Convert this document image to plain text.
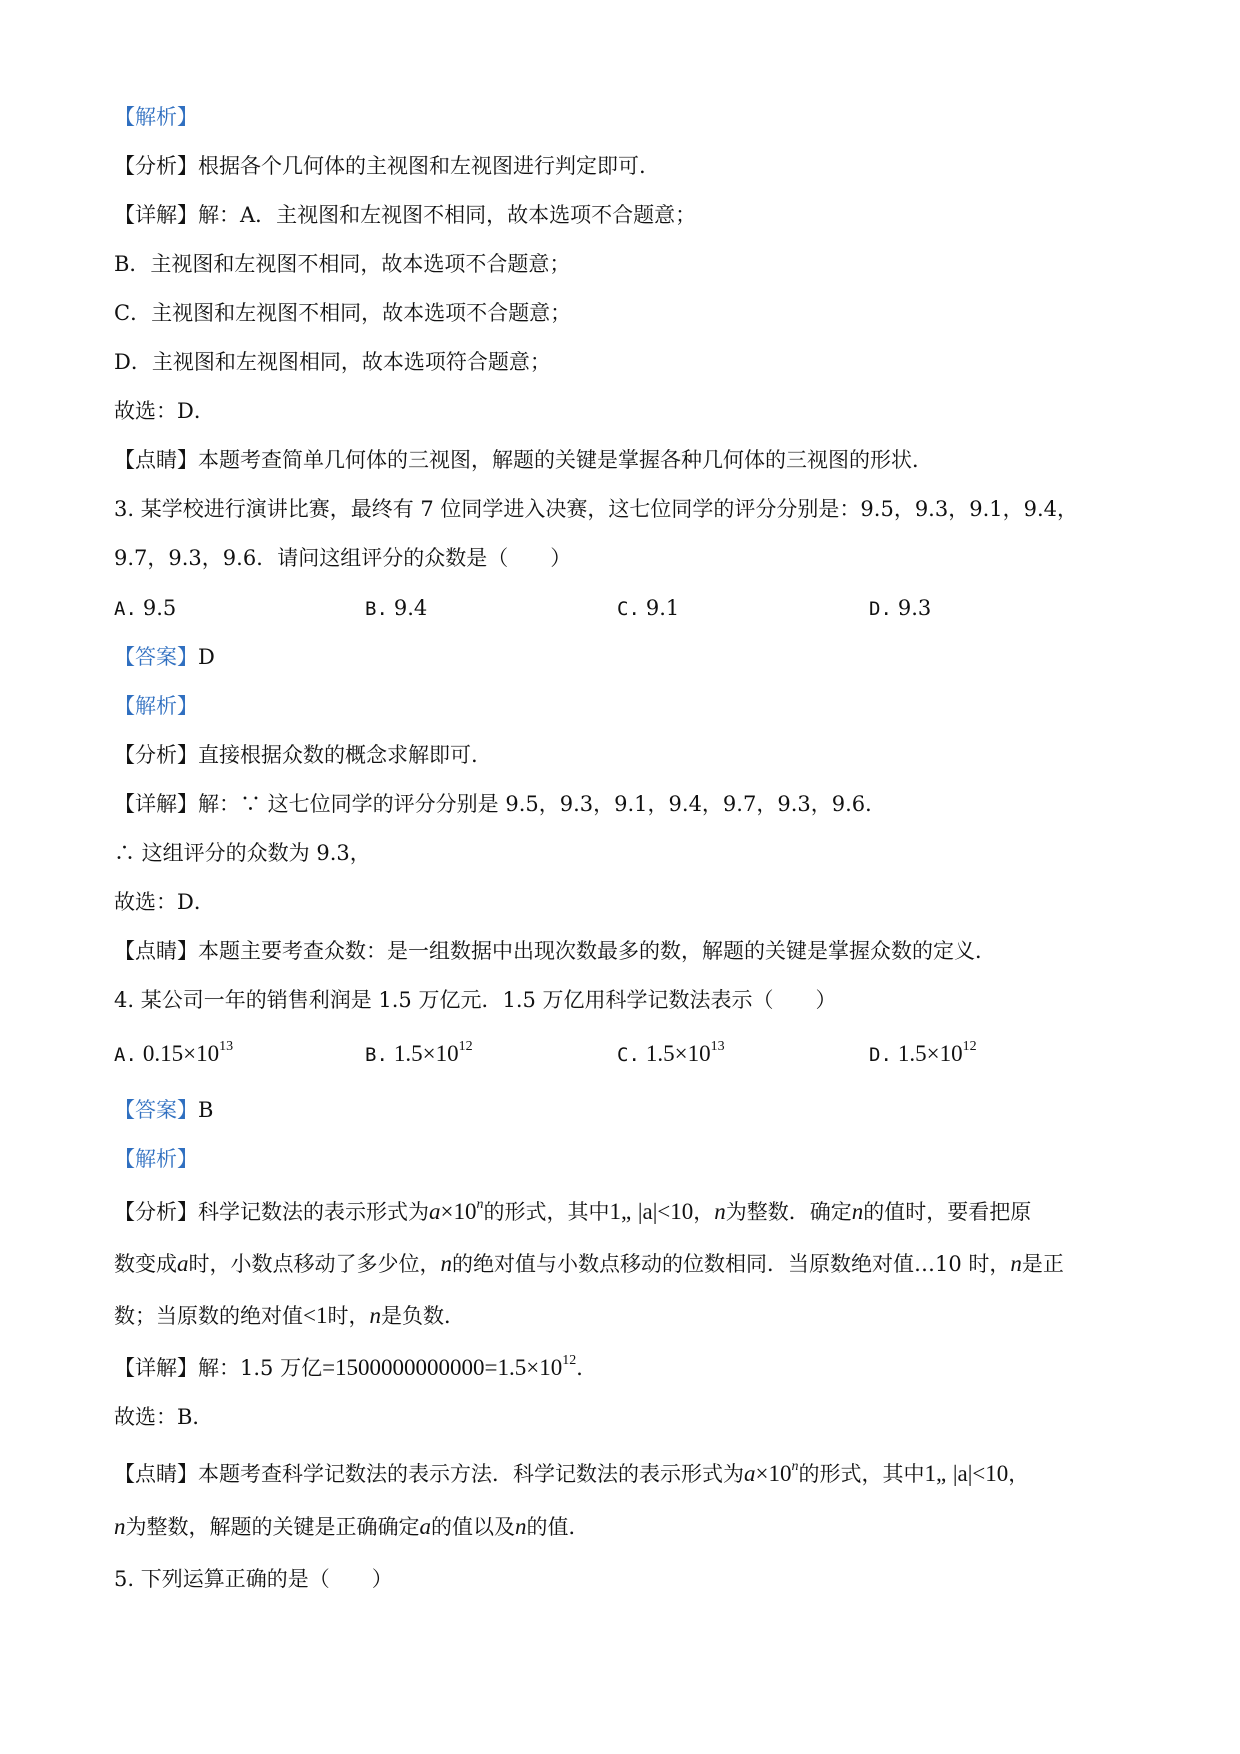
【解析】
【分析】根据各个几何体的主视图和左视图进行判定即可.
【详解】解：A．主视图和左视图不相同，故本选项不合题意；
B．主视图和左视图不相同，故本选项不合题意；
C．主视图和左视图不相同，故本选项不合题意；
D．主视图和左视图相同，故本选项符合题意；
故选：D．
【点睛】本题考查简单几何体的三视图，解题的关键是掌握各种几何体的三视图的形状．
3. 某学校进行演讲比赛，最终有 7 位同学进入决赛，这七位同学的评分分别是：9.5，9.3，9.1，9.4，
9.7，9.3，9.6．请问这组评分的众数是（　　）
A. 9.5	B. 9.4	C. 9.1	D. 9.3
【答案】D
【解析】
【分析】直接根据众数的概念求解即可.
【详解】解：∵ 这七位同学的评分分别是 9.5，9.3，9.1，9.4，9.7，9.3，9.6．
∴ 这组评分的众数为 9.3，
故选：D．
【点睛】本题主要考查众数：是一组数据中出现次数最多的数，解题的关键是掌握众数的定义．
4. 某公司一年的销售利润是 1.5 万亿元．1.5 万亿用科学记数法表示（　　）
A. $0.15\times 10^{13}$	B. $1.5\times 10^{12}$	C. $1.5\times 10^{13}$	D. $1.5\times 10^{12}$
【答案】B
【解析】
【分析】科学记数法的表示形式为$a\times 10^n$的形式，其中1„ |a|<10，n为整数．确定n的值时，要看把原
数变成a时，小数点移动了多少位，n的绝对值与小数点移动的位数相同．当原数绝对值…10 时，n是正
数；当原数的绝对值<1时，n是负数．
【详解】解：1.5 万亿$=1500000000000=1.5\times 10^{12}$．
故选：B．
【点睛】本题考查科学记数法的表示方法．科学记数法的表示形式为$a\times 10^n$的形式，其中1„ |a|<10，
n为整数，解题的关键是正确确定a的值以及n的值．
5. 下列运算正确的是（　　）
